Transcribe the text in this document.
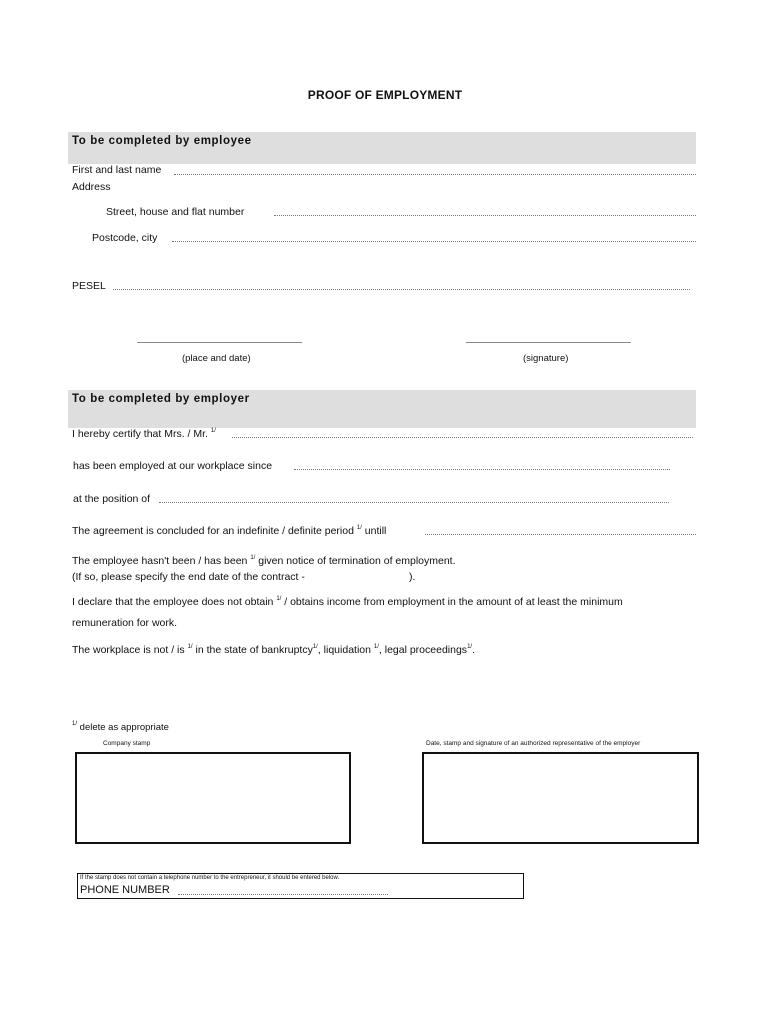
PROOF OF EMPLOYMENT
To be completed by employee
First and last name
Address
Street, house and flat number
Postcode, city
PESEL
(place and date)	(signature)
To be completed by employer
I hereby certify that Mrs. / Mr. $^{1/}$
has been employed at our workplace since
at the position of
The agreement is concluded for an indefinite / definite period $^{1/}$ untill
The employee hasn't been / has been $^{1/}$ given notice of termination of employment.
(If so, please specify the end date of the contract -	).
I declare that the employee does not obtain $^{1/}$ / obtains income from employment in the amount of at least the minimum
remuneration for work.
The workplace is not / is $^{1/}$ in the state of bankruptcy$^{1/}$, liquidation $^{1/}$, legal proceedings$^{1/}$.
$^{1/}$ delete as appropriate
Company stamp	Date, stamp and signature of an authorized representative of the employer
If the stamp does not contain a telephone number to the entrepreneur, it should be entered below.
PHONE NUMBER
